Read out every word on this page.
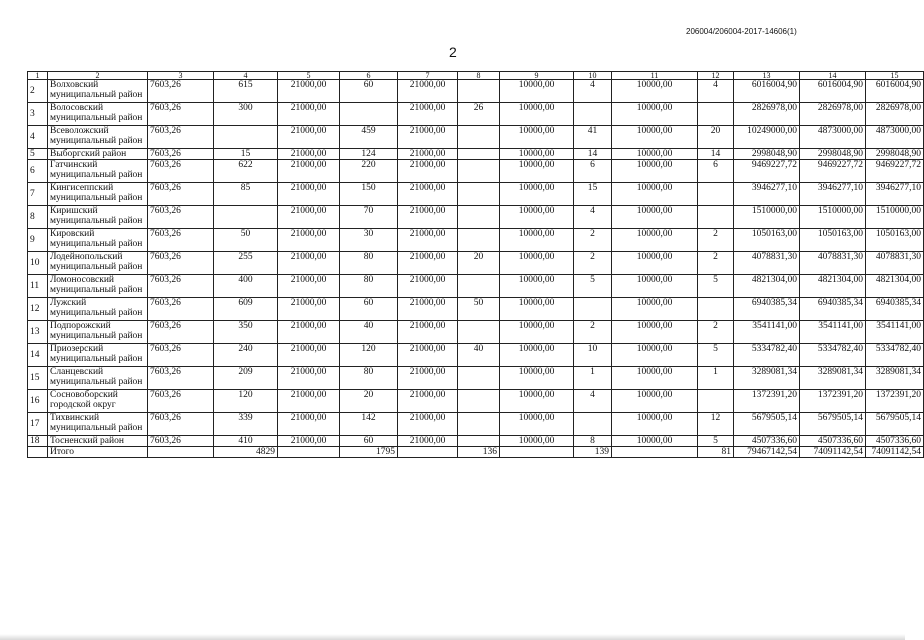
206004/206004-2017-14606(1)
2
1	2	3	4	5	6	7	8	9	10	11	12	13	14	15
2	Волховский муниципальный район	7603,26	615	21000,00	60	21000,00		10000,00	4	10000,00	4	6016004,90	6016004,90	6016004,90
3	Волосовский муниципальный район	7603,26	300	21000,00		21000,00	26	10000,00		10000,00		2826978,00	2826978,00	2826978,00
4	Всеволожский муниципальный район	7603,26		21000,00	459	21000,00		10000,00	41	10000,00	20	10249000,00	4873000,00	4873000,00
5	Выборгский район	7603,26	15	21000,00	124	21000,00		10000,00	14	10000,00	14	2998048,90	2998048,90	2998048,90
6	Гатчинский муниципальный район	7603,26	622	21000,00	220	21000,00		10000,00	6	10000,00	6	9469227,72	9469227,72	9469227,72
7	Кингисеппский муниципальный район	7603,26	85	21000,00	150	21000,00		10000,00	15	10000,00		3946277,10	3946277,10	3946277,10
8	Киришский муниципальный район	7603,26		21000,00	70	21000,00		10000,00	4	10000,00		1510000,00	1510000,00	1510000,00
9	Кировский муниципальный район	7603,26	50	21000,00	30	21000,00		10000,00	2	10000,00	2	1050163,00	1050163,00	1050163,00
10	Лодейнопольский муниципальный район	7603,26	255	21000,00	80	21000,00	20	10000,00	2	10000,00	2	4078831,30	4078831,30	4078831,30
11	Ломоносовский муниципальный район	7603,26	400	21000,00	80	21000,00		10000,00	5	10000,00	5	4821304,00	4821304,00	4821304,00
12	Лужский муниципальный район	7603,26	609	21000,00	60	21000,00	50	10000,00		10000,00		6940385,34	6940385,34	6940385,34
13	Подпорожский муниципальный район	7603,26	350	21000,00	40	21000,00		10000,00	2	10000,00	2	3541141,00	3541141,00	3541141,00
14	Приозерский муниципальный район	7603,26	240	21000,00	120	21000,00	40	10000,00	10	10000,00	5	5334782,40	5334782,40	5334782,40
15	Сланцевский муниципальный район	7603,26	209	21000,00	80	21000,00		10000,00	1	10000,00	1	3289081,34	3289081,34	3289081,34
16	Сосновоборский городской округ	7603,26	120	21000,00	20	21000,00		10000,00	4	10000,00		1372391,20	1372391,20	1372391,20
17	Тихвинский муниципальный район	7603,26	339	21000,00	142	21000,00		10000,00		10000,00	12	5679505,14	5679505,14	5679505,14
18	Тосненский район	7603,26	410	21000,00	60	21000,00		10000,00	8	10000,00	5	4507336,60	4507336,60	4507336,60
	Итого		4829		1795		136		139		81	79467142,54	74091142,54	74091142,54
